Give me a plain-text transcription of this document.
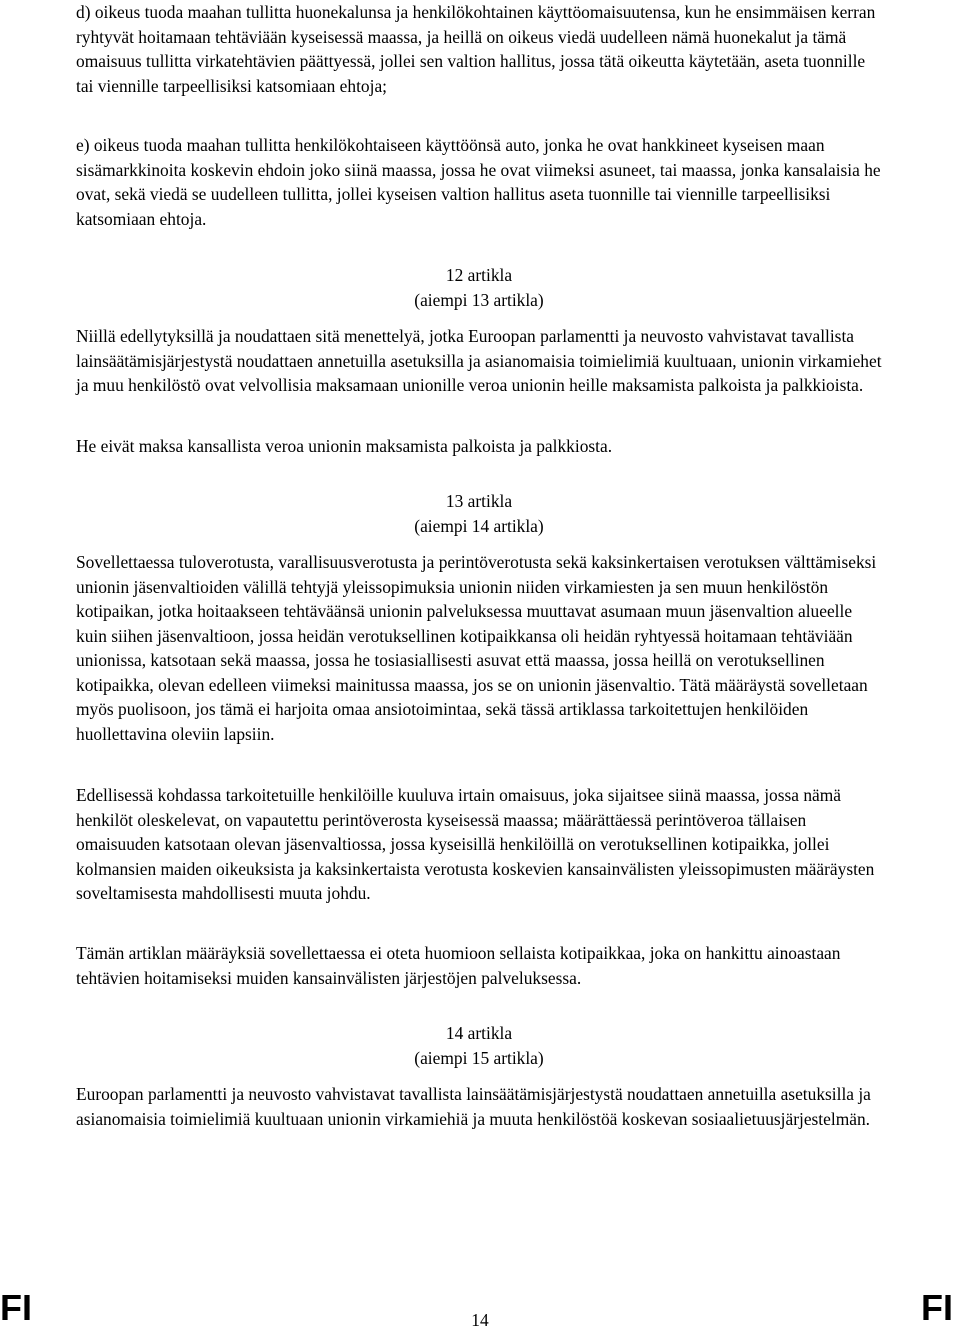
d) oikeus tuoda maahan tullitta huonekalunsa ja henkilökohtainen käyttöomaisuutensa, kun he ensimmäisen kerran ryhtyvät hoitamaan tehtäviään kyseisessä maassa, ja heillä on oikeus viedä uudelleen nämä huonekalut ja tämä omaisuus tullitta virkatehtävien päättyessä, jollei sen valtion hallitus, jossa tätä oikeutta käytetään, aseta tuonnille tai viennille tarpeellisiksi katsomiaan ehtoja;

e) oikeus tuoda maahan tullitta henkilökohtaiseen käyttöönsä auto, jonka he ovat hankkineet kyseisen maan sisämarkkinoita koskevin ehdoin joko siinä maassa, jossa he ovat viimeksi asuneet, tai maassa, jonka kansalaisia he ovat, sekä viedä se uudelleen tullitta, jollei kyseisen valtion hallitus aseta tuonnille tai viennille tarpeellisiksi katsomiaan ehtoja.

12 artikla
(aiempi 13 artikla)

Niillä edellytyksillä ja noudattaen sitä menettelyä, jotka Euroopan parlamentti ja neuvosto vahvistavat tavallista lainsäätämisjärjestystä noudattaen annetuilla asetuksilla ja asianomaisia toimielimiä kuultuaan, unionin virkamiehet ja muu henkilöstö ovat velvollisia maksamaan unionille veroa unionin heille maksamista palkoista ja palkkioista.

He eivät maksa kansallista veroa unionin maksamista palkoista ja palkkiosta.

13 artikla
(aiempi 14 artikla)

Sovellettaessa tuloverotusta, varallisuusverotusta ja perintöverotusta sekä kaksinkertaisen verotuksen välttämiseksi unionin jäsenvaltioiden välillä tehtyjä yleissopimuksia unionin niiden virkamiesten ja sen muun henkilöstön kotipaikan, jotka hoitaakseen tehtäväänsä unionin palveluksessa muuttavat asumaan muun jäsenvaltion alueelle kuin siihen jäsenvaltioon, jossa heidän verotuksellinen kotipaikkansa oli heidän ryhtyessä hoitamaan tehtäviään unionissa, katsotaan sekä maassa, jossa he tosiasiallisesti asuvat että maassa, jossa heillä on verotuksellinen kotipaikka, olevan edelleen viimeksi mainitussa maassa, jos se on unionin jäsenvaltio. Tätä määräystä sovelletaan myös puolisoon, jos tämä ei harjoita omaa ansiotoimintaa, sekä tässä artiklassa tarkoitettujen henkilöiden huollettavina oleviin lapsiin.

Edellisessä kohdassa tarkoitetuille henkilöille kuuluva irtain omaisuus, joka sijaitsee siinä maassa, jossa nämä henkilöt oleskelevat, on vapautettu perintöverosta kyseisessä maassa; määrättäessä perintöveroa tällaisen omaisuuden katsotaan olevan jäsenvaltiossa, jossa kyseisillä henkilöillä on verotuksellinen kotipaikka, jollei kolmansien maiden oikeuksista ja kaksinkertaista verotusta koskevien kansainvälisten yleissopimusten määräysten soveltamisesta mahdollisesti muuta johdu.

Tämän artiklan määräyksiä sovellettaessa ei oteta huomioon sellaista kotipaikkaa, joka on hankittu ainoastaan tehtävien hoitamiseksi muiden kansainvälisten järjestöjen palveluksessa.

14 artikla
(aiempi 15 artikla)

Euroopan parlamentti ja neuvosto vahvistavat tavallista lainsäätämisjärjestystä noudattaen annetuilla asetuksilla ja asianomaisia toimielimiä kuultuaan unionin virkamiehiä ja muuta henkilöstöä koskevan sosiaalietuusjärjestelmän.

FI	14	FI
